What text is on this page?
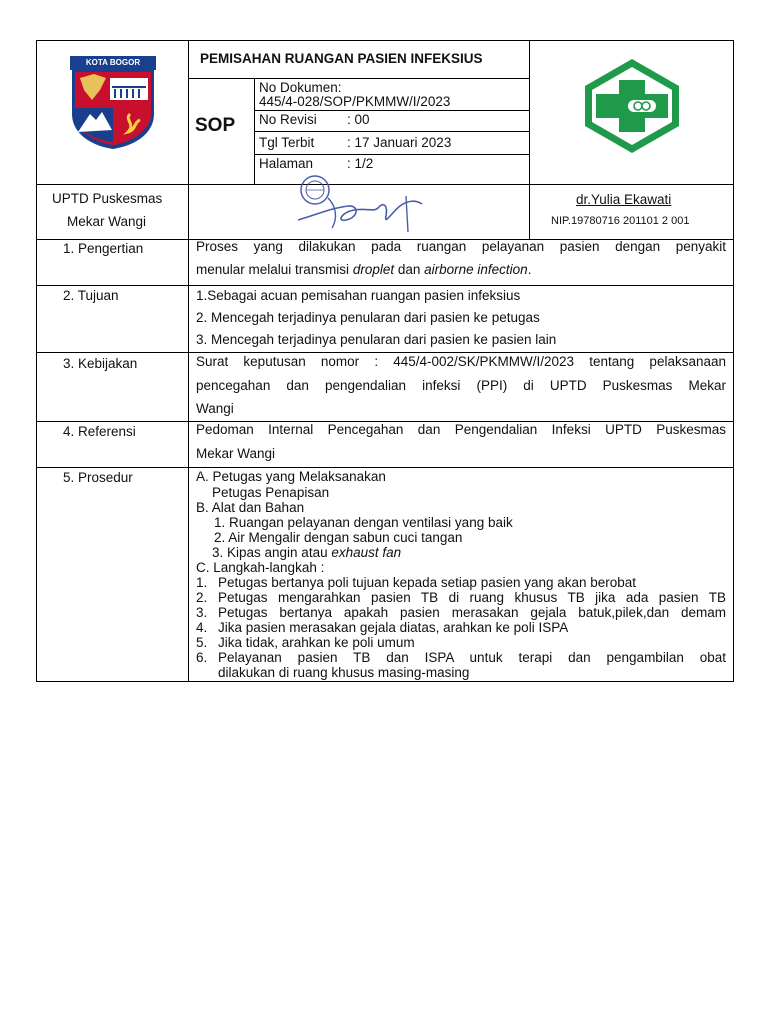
KOTA BOGOR	PEMISAHAN RUANGAN PASIEN INFEKSIUS
SOP
No Dokumen:
445/4-028/SOP/PKMMW/I/2023
No Revisi : 00
Tgl Terbit : 17 Januari 2023
Halaman	: 1/2
UPTD Puskesmas
Mekar Wangi
dr.Yulia Ekawati
NIP.19780716 201101 2 001
1. Pengertian	Proses yang dilakukan pada ruangan pelayanan pasien dengan penyakit
menular melalui transmisi droplet dan airborne infection.
2. Tujuan	1.Sebagai acuan pemisahan ruangan pasien infeksius
2. Mencegah terjadinya penularan dari pasien ke petugas
3. Mencegah terjadinya penularan dari pasien ke pasien lain
3. Kebijakan	Surat keputusan nomor : 445/4-002/SK/PKMMW/I/2023 tentang pelaksanaan
pencegahan dan pengendalian infeksi (PPI) di UPTD Puskesmas Mekar
Wangi
4. Referensi	Pedoman Internal Pencegahan dan Pengendalian Infeksi UPTD Puskesmas
Mekar Wangi
5. Prosedur	A. Petugas yang Melaksanakan
Petugas Penapisan
B. Alat dan Bahan
1. Ruangan pelayanan dengan ventilasi yang baik
2. Air Mengalir dengan sabun cuci tangan
3. Kipas angin atau exhaust fan
C. Langkah-langkah :
1. Petugas bertanya poli tujuan kepada setiap pasien yang akan berobat
2. Petugas mengarahkan pasien TB di ruang khusus TB jika ada pasien TB
3. Petugas bertanya apakah pasien merasakan gejala batuk,pilek,dan demam
4. Jika pasien merasakan gejala diatas, arahkan ke poli ISPA
5. Jika tidak, arahkan ke poli umum
6. Pelayanan pasien TB dan ISPA untuk terapi dan pengambilan obat
dilakukan di ruang khusus masing-masing
